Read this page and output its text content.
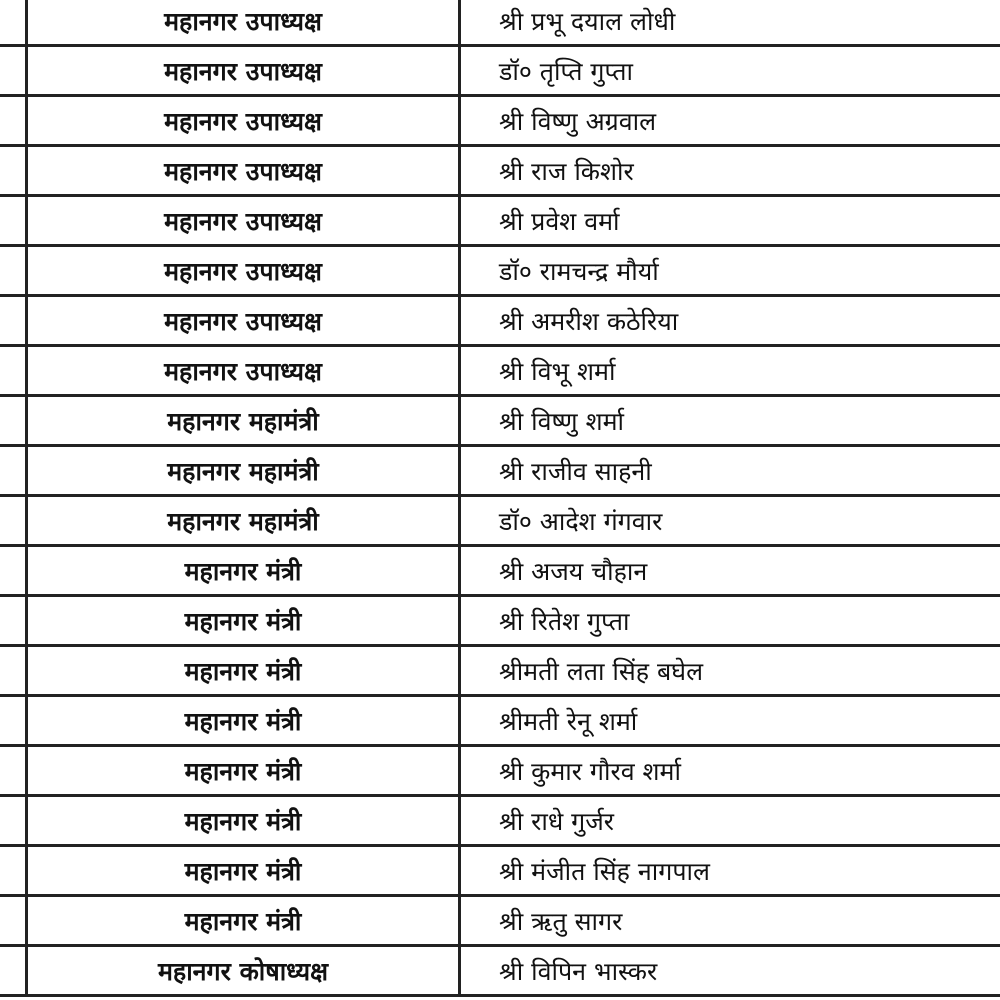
महानगर उपाध्यक्ष	श्री प्रभू दयाल लोधी
महानगर उपाध्यक्ष	डॉ० तृप्ति गुप्ता
महानगर उपाध्यक्ष	श्री विष्णु अग्रवाल
महानगर उपाध्यक्ष	श्री राज किशोर
महानगर उपाध्यक्ष	श्री प्रवेश वर्मा
महानगर उपाध्यक्ष	डॉ० रामचन्द्र मौर्या
महानगर उपाध्यक्ष	श्री अमरीश कठेरिया
महानगर उपाध्यक्ष	श्री विभू शर्मा
महानगर महामंत्री	श्री विष्णु शर्मा
महानगर महामंत्री	श्री राजीव साहनी
महानगर महामंत्री	डॉ० आदेश गंगवार
महानगर मंत्री	श्री अजय चौहान
महानगर मंत्री	श्री रितेश गुप्ता
महानगर मंत्री	श्रीमती लता सिंह बघेल
महानगर मंत्री	श्रीमती रेनू शर्मा
महानगर मंत्री	श्री कुमार गौरव शर्मा
महानगर मंत्री	श्री राधे गुर्जर
महानगर मंत्री	श्री मंजीत सिंह नागपाल
महानगर मंत्री	श्री ऋतु सागर
महानगर कोषाध्यक्ष	श्री विपिन भास्कर
